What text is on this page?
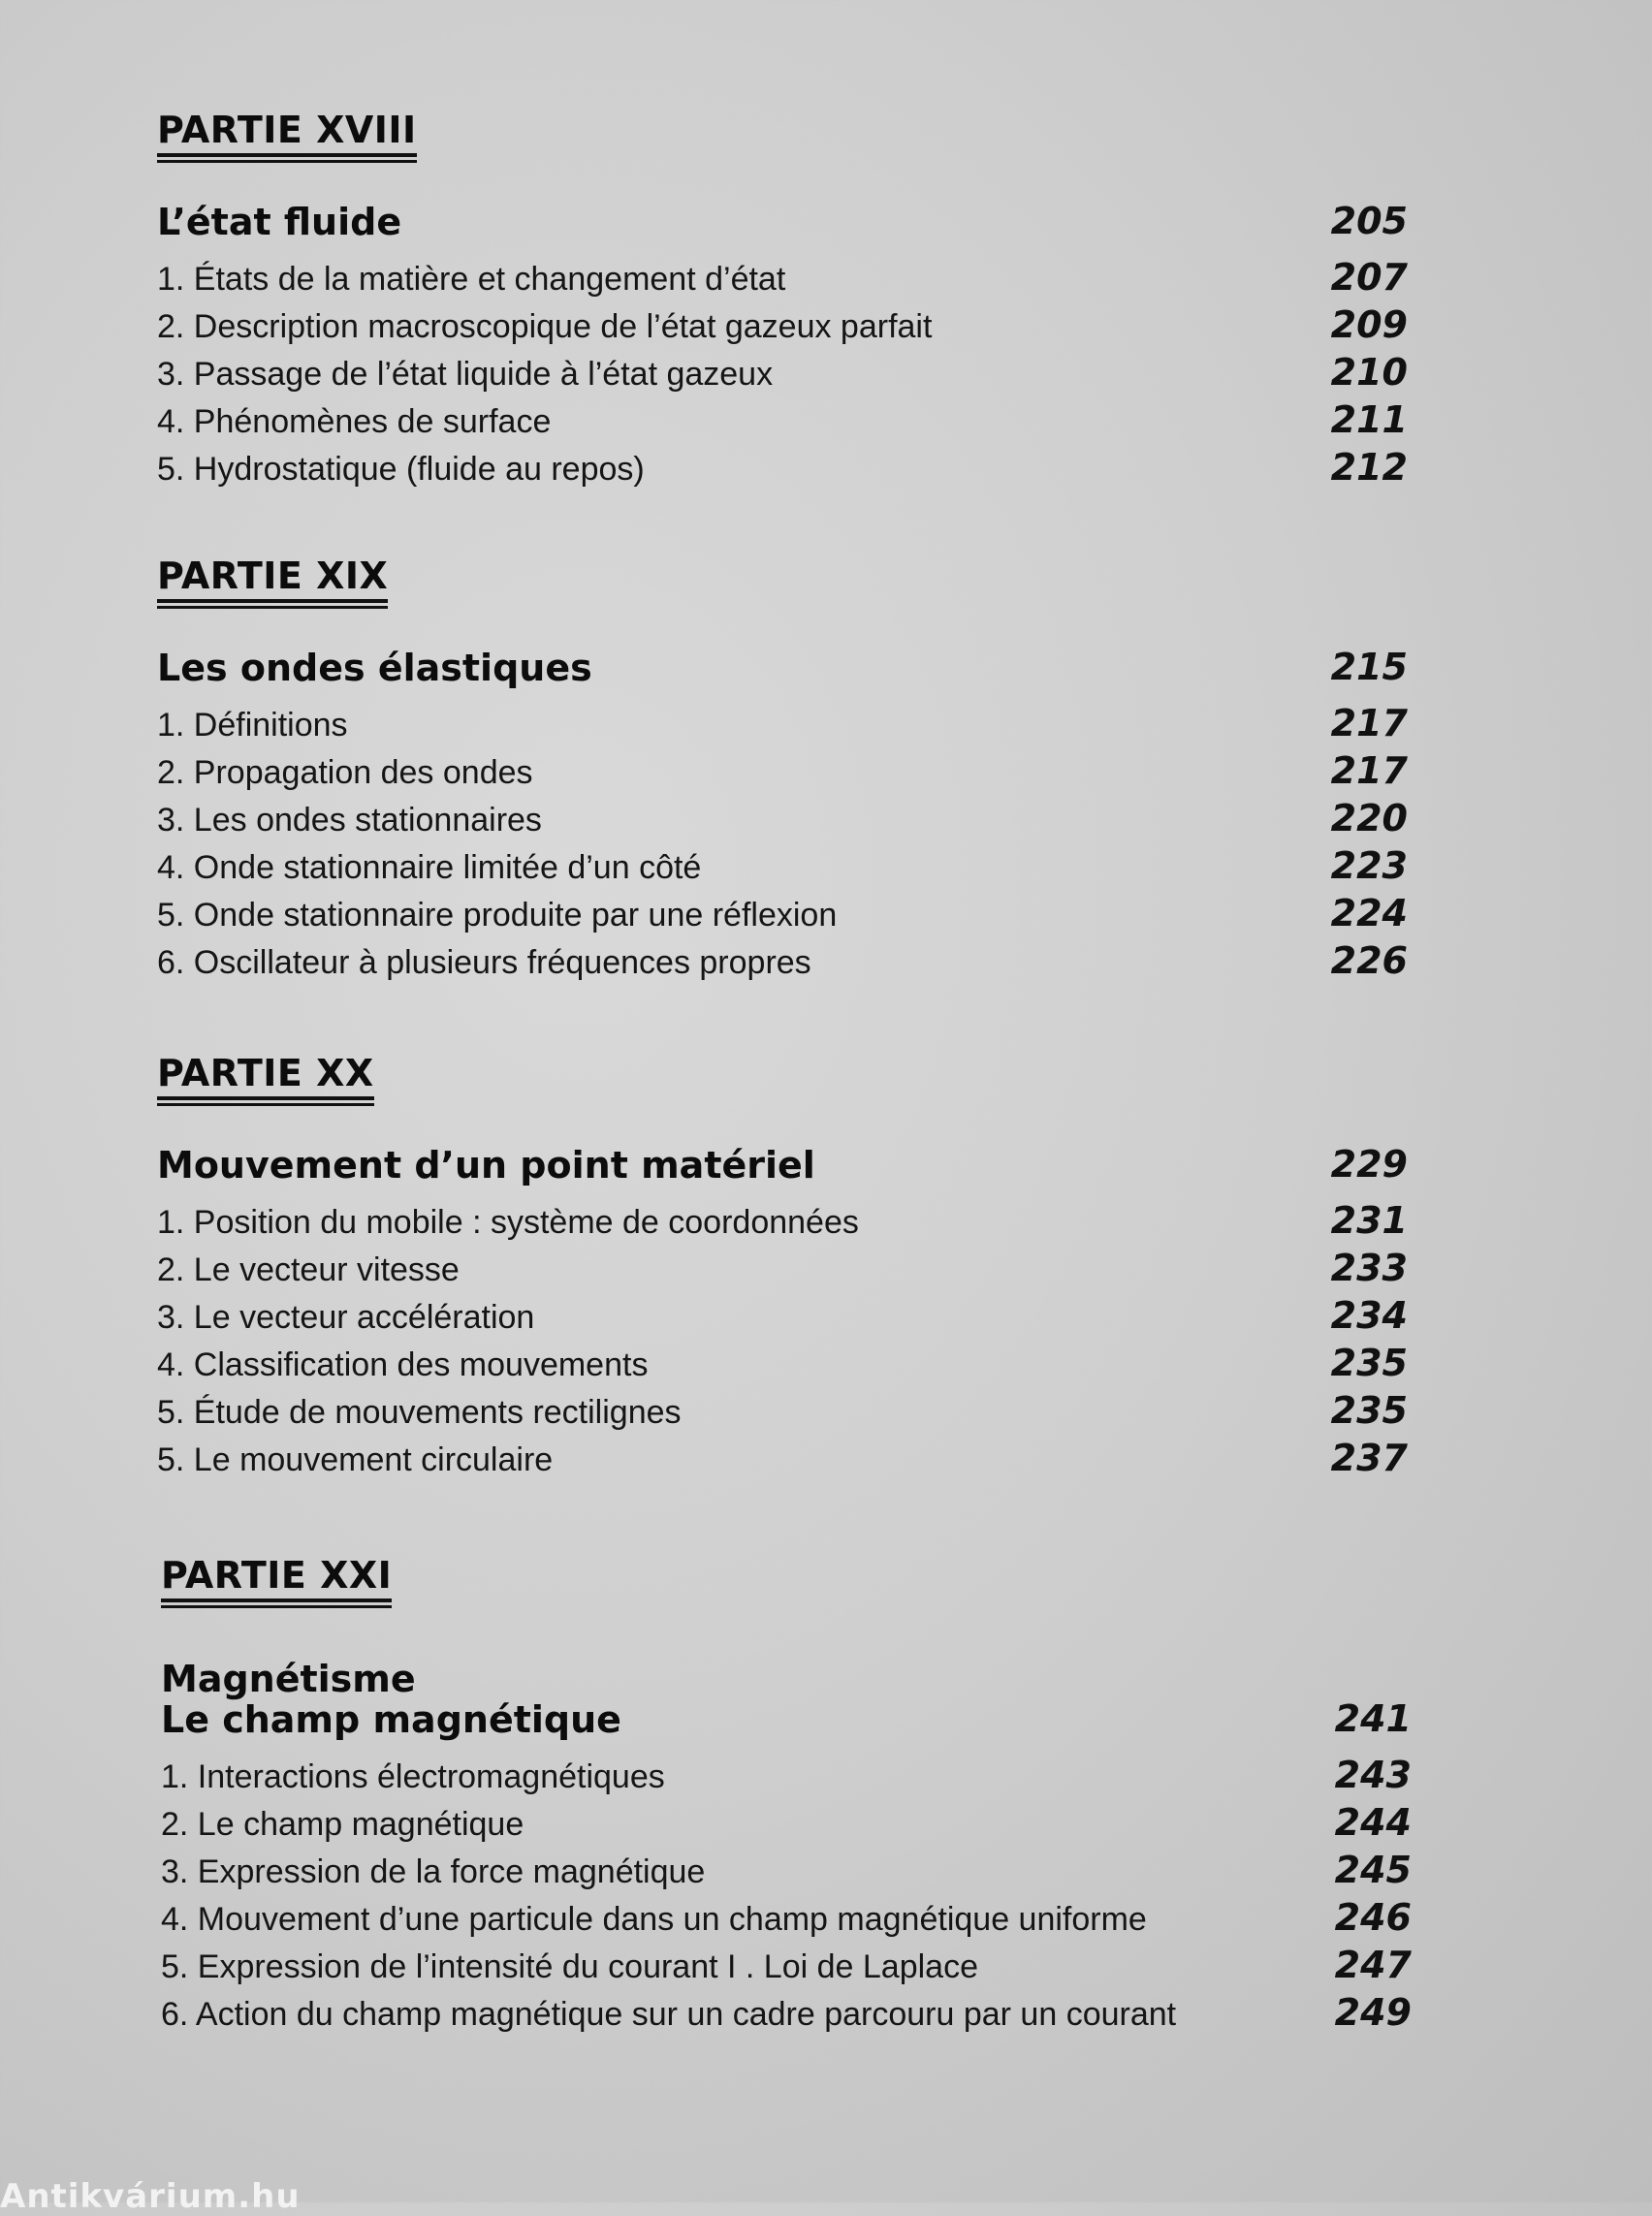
PARTIE XVIII
L’état fluide	205
1. États de la matière et changement d’état	207
2. Description macroscopique de l’état gazeux parfait	209
3. Passage de l’état liquide à l’état gazeux	210
4. Phénomènes de surface	211
5. Hydrostatique (fluide au repos)	212
PARTIE XIX
Les ondes élastiques	215
1. Définitions	217
2. Propagation des ondes	217
3. Les ondes stationnaires	220
4. Onde stationnaire limitée d’un côté	223
5. Onde stationnaire produite par une réflexion	224
6. Oscillateur à plusieurs fréquences propres	226
PARTIE XX
Mouvement d’un point matériel	229
1. Position du mobile : système de coordonnées	231
2. Le vecteur vitesse	233
3. Le vecteur accélération	234
4. Classification des mouvements	235
5. Étude de mouvements rectilignes	235
5. Le mouvement circulaire	237
PARTIE XXI
Magnétisme
Le champ magnétique	241
1. Interactions électromagnétiques	243
2. Le champ magnétique	244
3. Expression de la force magnétique	245
4. Mouvement d’une particule dans un champ magnétique uniforme	246
5. Expression de l’intensité du courant I . Loi de Laplace	247
6. Action du champ magnétique sur un cadre parcouru par un courant	249
Antikvárium.hu
